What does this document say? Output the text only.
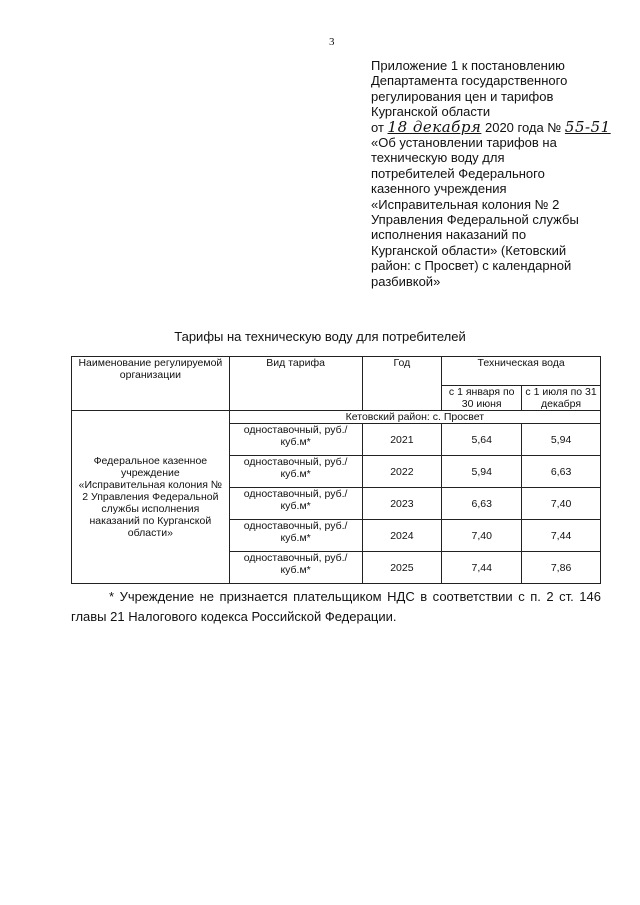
3
Приложение 1 к постановлению
Департамента государственного
регулирования цен и тарифов
Курганской области
от 18 декабря 2020 года № 55-51
«Об установлении тарифов на
техническую воду для
потребителей Федерального
казенного учреждения
«Исправительная колония № 2
Управления Федеральной службы
исполнения наказаний по
Курганской области» (Кетовский
район: с Просвет) с календарной
разбивкой»
Тарифы на техническую воду для потребителей
Наименование регулируемой организации	Вид тарифа	Год	Техническая вода	
			с 1 января по 30 июня	с 1 июля по 31 декабря
Федеральное казенное учреждение «Исправительная колония № 2 Управления Федеральной службы исполнения наказаний по Курганской области»	Кетовский район: с. Просвет			
	одноставочный, руб./куб.м*	2021	5,64	5,94
	одноставочный, руб./куб.м*	2022	5,94	6,63
	одноставочный, руб./куб.м*	2023	6,63	7,40
	одноставочный, руб./куб.м*	2024	7,40	7,44
	одноставочный, руб./куб.м*	2025	7,44	7,86
* Учреждение не признается плательщиком НДС в соответствии с п. 2 ст. 146 главы 21 Налогового кодекса Российской Федерации.
